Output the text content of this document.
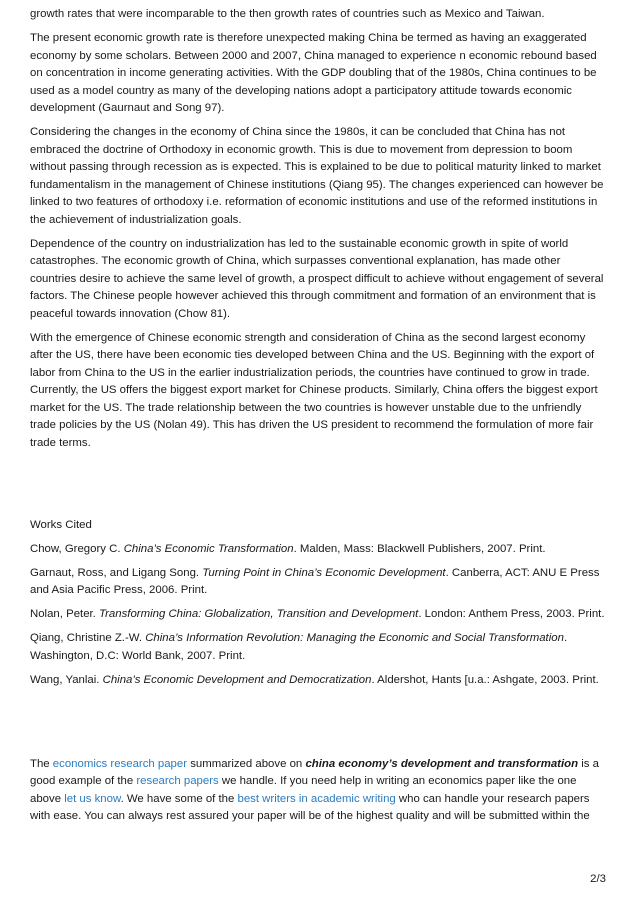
growth rates that were incomparable to the then growth rates of countries such as Mexico and Taiwan.

The present economic growth rate is therefore unexpected making China be termed as having an exaggerated economy by some scholars. Between 2000 and 2007, China managed to experience n economic rebound based on concentration in income generating activities. With the GDP doubling that of the 1980s, China continues to be used as a model country as many of the developing nations adopt a participatory attitude towards economic development (Gaurnaut and Song 97).

Considering the changes in the economy of China since the 1980s, it can be concluded that China has not embraced the doctrine of Orthodoxy in economic growth. This is due to movement from depression to boom without passing through recession as is expected. This is explained to be due to political maturity linked to market fundamentalism in the management of Chinese institutions (Qiang 95). The changes experienced can however be linked to two features of orthodoxy i.e. reformation of economic institutions and use of the reformed institutions in the achievement of industrialization goals.

Dependence of the country on industrialization has led to the sustainable economic growth in spite of world catastrophes. The economic growth of China, which surpasses conventional explanation, has made other countries desire to achieve the same level of growth, a prospect difficult to achieve without engagement of several factors. The Chinese people however achieved this through commitment and formation of an environment that is peaceful towards innovation (Chow 81).

With the emergence of Chinese economic strength and consideration of China as the second largest economy after the US, there have been economic ties developed between China and the US. Beginning with the export of labor from China to the US in the earlier industrialization periods, the countries have continued to grow in trade. Currently, the US offers the biggest export market for Chinese products. Similarly, China offers the biggest export market for the US. The trade relationship between the two countries is however unstable due to the unfriendly trade policies by the US (Nolan 49). This has driven the US president to recommend the formulation of more fair trade terms.

Works Cited

Chow, Gregory C. China’s Economic Transformation. Malden, Mass: Blackwell Publishers, 2007. Print.

Garnaut, Ross, and Ligang Song. Turning Point in China’s Economic Development. Canberra, ACT: ANU E Press and Asia Pacific Press, 2006. Print.

Nolan, Peter. Transforming China: Globalization, Transition and Development. London: Anthem Press, 2003. Print.

Qiang, Christine Z.-W. China’s Information Revolution: Managing the Economic and Social Transformation. Washington, D.C: World Bank, 2007. Print.

Wang, Yanlai. China’s Economic Development and Democratization. Aldershot, Hants [u.a.: Ashgate, 2003. Print.

The economics research paper summarized above on china economy’s development and transformation is a good example of the research papers we handle. If you need help in writing an economics paper like the one above let us know. We have some of the best writers in academic writing who can handle your research papers with ease. You can always rest assured your paper will be of the highest quality and will be submitted within the

2/3
